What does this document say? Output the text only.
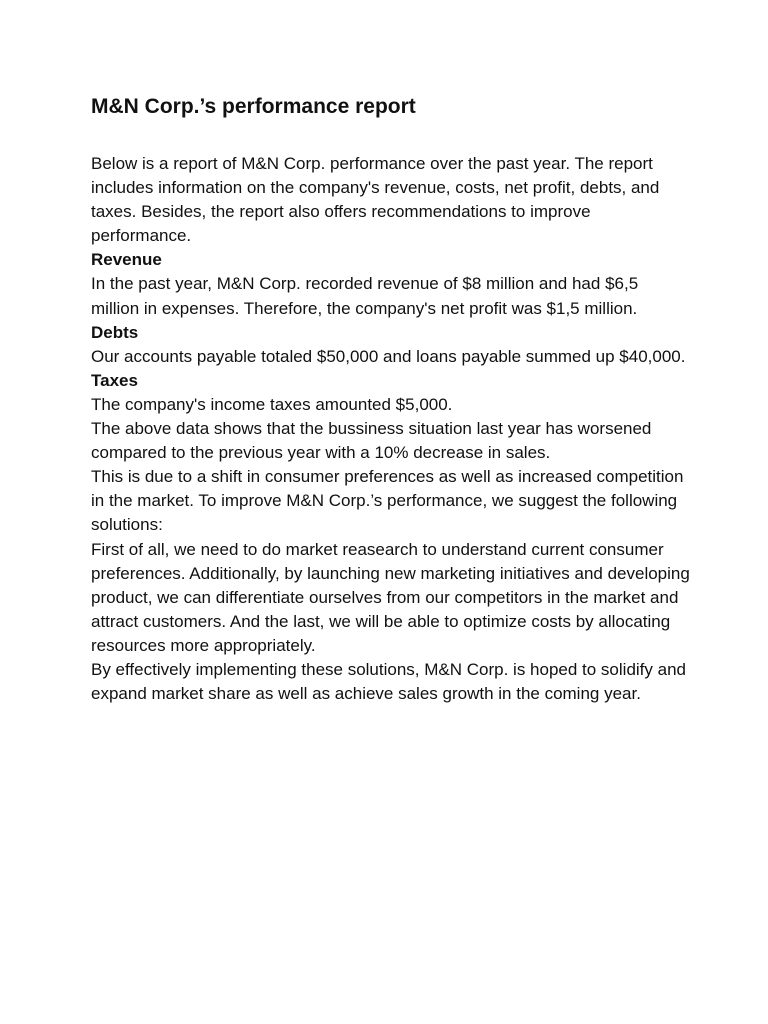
M&N Corp.’s performance report

Below is a report of M&N Corp. performance over the past year. The report includes information on the company's revenue, costs, net profit, debts, and taxes. Besides, the report also offers recommendations to improve performance.

Revenue

In the past year, M&N Corp. recorded revenue of $8 million and had $6,5 million in expenses. Therefore, the company's net profit was $1,5 million.

Debts

Our accounts payable totaled $50,000 and loans payable summed up $40,000.

Taxes

The company's income taxes amounted $5,000.

The above data shows that the bussiness situation last year has worsened compared to the previous year with a 10% decrease in sales.

This is due to a shift in consumer preferences as well as increased competition in the market. To improve M&N Corp.’s performance, we suggest the following solutions:

First of all, we need to do market reasearch to understand current consumer preferences. Additionally, by launching new marketing initiatives and developing product, we can differentiate ourselves from our competitors in the market and attract customers. And the last, we will be able to optimize costs by allocating resources more appropriately.

By effectively implementing these solutions, M&N Corp. is hoped to solidify and expand market share as well as achieve sales growth in the coming year.
